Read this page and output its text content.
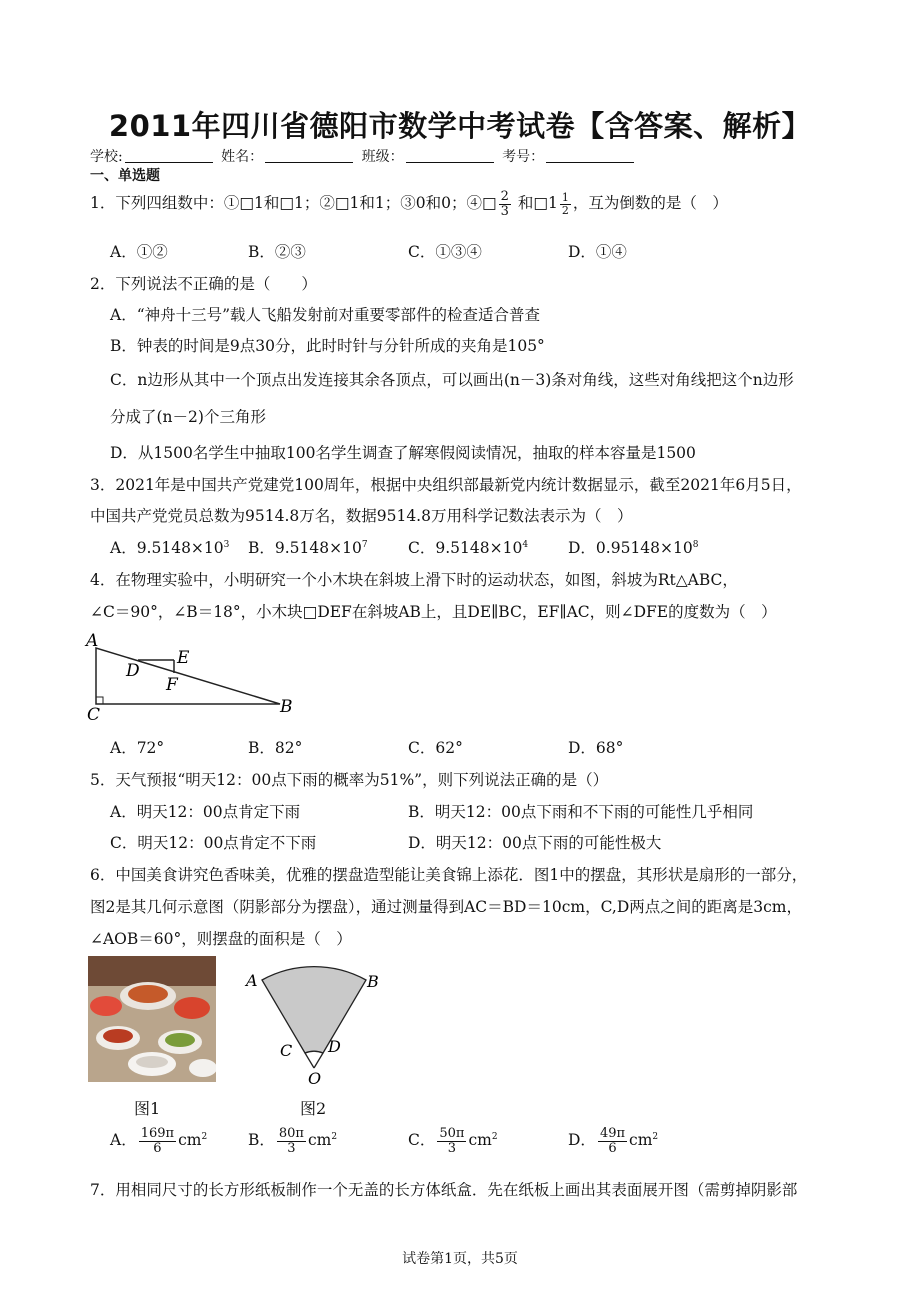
2011年四川省德阳市数学中考试卷【含答案、解析】
学校:	姓名：	班级：	考号：
一、单选题
1．下列四组数中：①□1和□1；②□1和1；③0和0；④□ $\frac{2}{3}$ 和□1 $\frac{1}{2}$ ，互为倒数的是（　）
A．①②	B．②③	C．①③④	D．①④
2．下列说法不正确的是（　　）
A．“神舟十三号”载人飞船发射前对重要零部件的检查适合普查
B．钟表的时间是9点30分，此时时针与分针所成的夹角是105°
C．n边形从其中一个顶点出发连接其余各顶点，可以画出(n－3)条对角线，这些对角线把这个n边形
分成了(n－2)个三角形
D．从1500名学生中抽取100名学生调查了解寒假阅读情况，抽取的样本容量是1500
3．2021年是中国共产党建党100周年，根据中央组织部最新党内统计数据显示，截至2021年6月5日，
中国共产党党员总数为9514.8万名，数据9514.8万用科学记数法表示为（　）
A．$9.5148\times 10^3$ B．$9.5148\times 10^7$	C．$9.5148\times 10^4$	D．$0.95148\times 10^8$
4．在物理实验中，小明研究一个小木块在斜坡上滑下时的运动状态，如图，斜坡为Rt△ABC，
∠C＝90°，∠B＝18°，小木块□DEF在斜坡AB上，且DE∥BC，EF∥AC，则∠DFE的度数为（　）
A
B
C
D
E
F
A．72°	B．82°	C．62°	D．68°
5．天气预报“明天12：00点下雨的概率为51%”，则下列说法正确的是（）
A．明天12：00点肯定下雨	B．明天12：00点下雨和不下雨的可能性几乎相同
C．明天12：00点肯定不下雨	D．明天12：00点下雨的可能性极大
6．中国美食讲究色香味美，优雅的摆盘造型能让美食锦上添花．图1中的摆盘，其形状是扇形的一部分，
图2是其几何示意图（阴影部分为摆盘），通过测量得到AC＝BD＝10cm，C,D两点之间的距离是3cm，
∠AOB＝60°，则摆盘的面积是（　）
A	B
C D
O
图1	图2
A． $\frac{169\pi}{6} cm^2$	B． $\frac{80\pi}{3} cm^2$	C． $\frac{50\pi}{3} cm^2$	D． $\frac{49\pi}{6} cm^2$
7．用相同尺寸的长方形纸板制作一个无盖的长方体纸盒．先在纸板上画出其表面展开图（需剪掉阴影部
试卷第1页，共5页
